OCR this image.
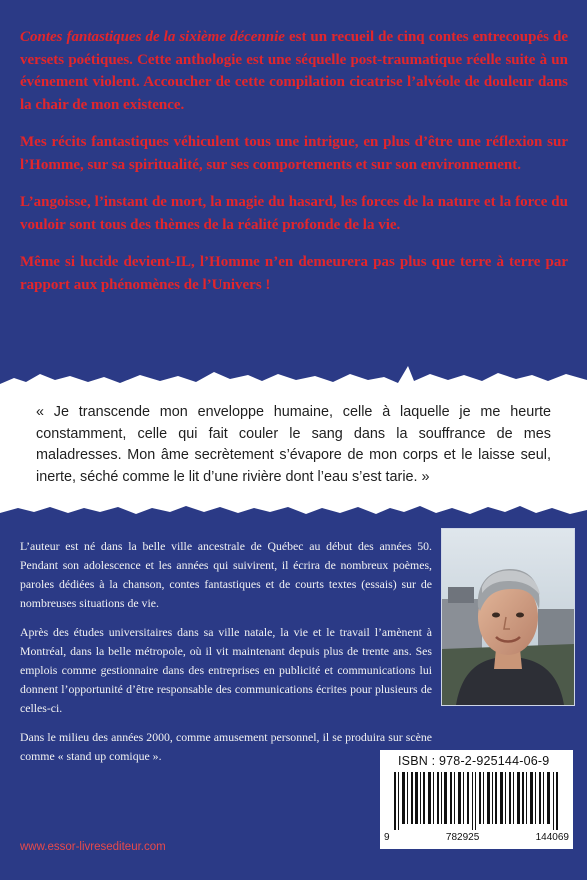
Contes fantastiques de la sixième décennie est un recueil de cinq contes entrecoupés de versets poétiques. Cette anthologie est une séquelle post-traumatique réelle suite à un événement violent. Accoucher de cette compilation cicatrise l’alvéole de douleur dans la chair de mon existence.

Mes récits fantastiques véhiculent tous une intrigue, en plus d’être une réflexion sur l’Homme, sur sa spiritualité, sur ses comportements et sur son environnement.

L’angoisse, l’instant de mort, la magie du hasard, les forces de la nature et la force du vouloir sont tous des thèmes de la réalité profonde de la vie.

Même si lucide devient-IL, l’Homme n’en demeurera pas plus que terre à terre par rapport aux phénomènes de l’Univers !

« Je transcende mon enveloppe humaine, celle à laquelle je me heurte constamment, celle qui fait couler le sang dans la souffrance de mes maladresses. Mon âme secrètement s’évapore de mon corps et le laisse seul, inerte, séché comme le lit d’une rivière dont l’eau s’est tarie. »

L’auteur est né dans la belle ville ancestrale de Québec au début des années 50. Pendant son adolescence et les années qui suivirent, il écrira de nombreux poèmes, paroles dédiées à la chanson, contes fantastiques et de courts textes (essais) sur de nombreuses situations de vie.

Après des études universitaires dans sa ville natale, la vie et le travail l’amènent à Montréal, dans la belle métropole, où il vit maintenant depuis plus de trente ans. Ses emplois comme gestionnaire dans des entreprises en publicité et communications lui donnent l’opportunité d’être responsable des communications écrites pour plusieurs de celles-ci.

Dans le milieu des années 2000, comme amusement personnel, il se produira sur scène comme « stand up comique ».	ISBN : 978-2-925144-06-9
9	782925	144069
www.essor-livresediteur.com
